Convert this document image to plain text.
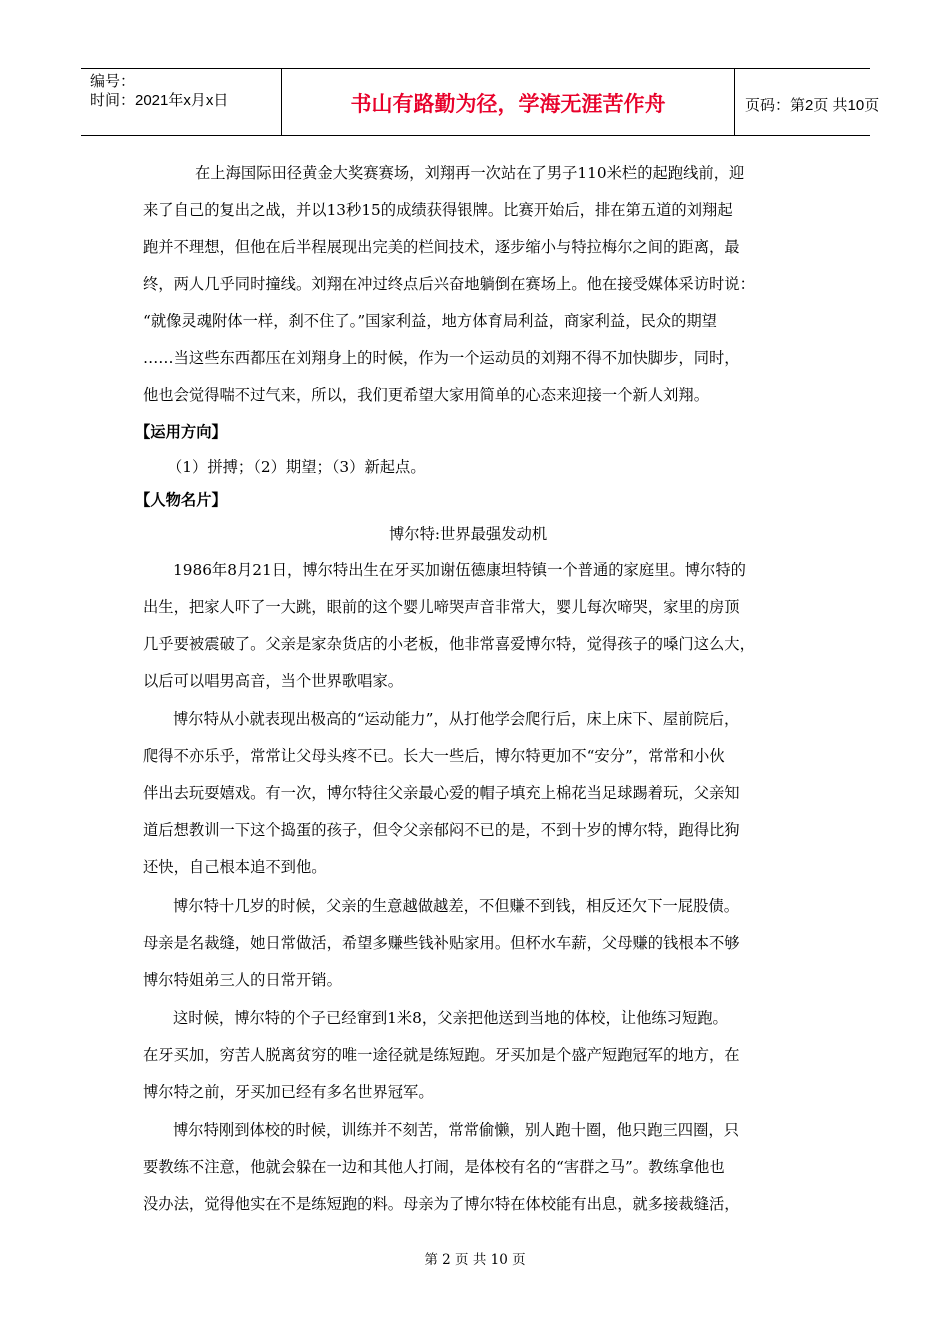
编号：
时间：2021年x月x日	书山有路勤为径，学海无涯苦作舟	页码：第2页 共10页
在上海国际田径黄金大奖赛赛场，刘翔再一次站在了男子110米栏的起跑线前，迎
来了自己的复出之战，并以13秒15的成绩获得银牌。比赛开始后，排在第五道的刘翔起
跑并不理想，但他在后半程展现出完美的栏间技术，逐步缩小与特拉梅尔之间的距离，最
终，两人几乎同时撞线。刘翔在冲过终点后兴奋地躺倒在赛场上。他在接受媒体采访时说：
“就像灵魂附体一样，刹不住了。”国家利益，地方体育局利益，商家利益，民众的期望
……当这些东西都压在刘翔身上的时候，作为一个运动员的刘翔不得不加快脚步，同时，
他也会觉得喘不过气来，所以，我们更希望大家用简单的心态来迎接一个新人刘翔。
【运用方向】
（1）拼搏；（2）期望；（3）新起点。
【人物名片】
博尔特:世界最强发动机
1986年8月21日，博尔特出生在牙买加谢伍德康坦特镇一个普通的家庭里。博尔特的
出生，把家人吓了一大跳，眼前的这个婴儿啼哭声音非常大，婴儿每次啼哭，家里的房顶
几乎要被震破了。父亲是家杂货店的小老板，他非常喜爱博尔特，觉得孩子的嗓门这么大，
以后可以唱男高音，当个世界歌唱家。
博尔特从小就表现出极高的“运动能力”，从打他学会爬行后，床上床下、屋前院后，
爬得不亦乐乎，常常让父母头疼不已。长大一些后，博尔特更加不“安分”，常常和小伙
伴出去玩耍嬉戏。有一次，博尔特往父亲最心爱的帽子填充上棉花当足球踢着玩，父亲知
道后想教训一下这个捣蛋的孩子，但令父亲郁闷不已的是，不到十岁的博尔特，跑得比狗
还快，自己根本追不到他。
博尔特十几岁的时候，父亲的生意越做越差，不但赚不到钱，相反还欠下一屁股债。
母亲是名裁缝，她日常做活，希望多赚些钱补贴家用。但杯水车薪，父母赚的钱根本不够
博尔特姐弟三人的日常开销。
这时候，博尔特的个子已经窜到1米8，父亲把他送到当地的体校，让他练习短跑。
在牙买加，穷苦人脱离贫穷的唯一途径就是练短跑。牙买加是个盛产短跑冠军的地方，在
博尔特之前，牙买加已经有多名世界冠军。
博尔特刚到体校的时候，训练并不刻苦，常常偷懒，别人跑十圈，他只跑三四圈，只
要教练不注意，他就会躲在一边和其他人打闹，是体校有名的“害群之马”。教练拿他也
没办法，觉得他实在不是练短跑的料。母亲为了博尔特在体校能有出息，就多接裁缝活，
第 2 页 共 10 页
